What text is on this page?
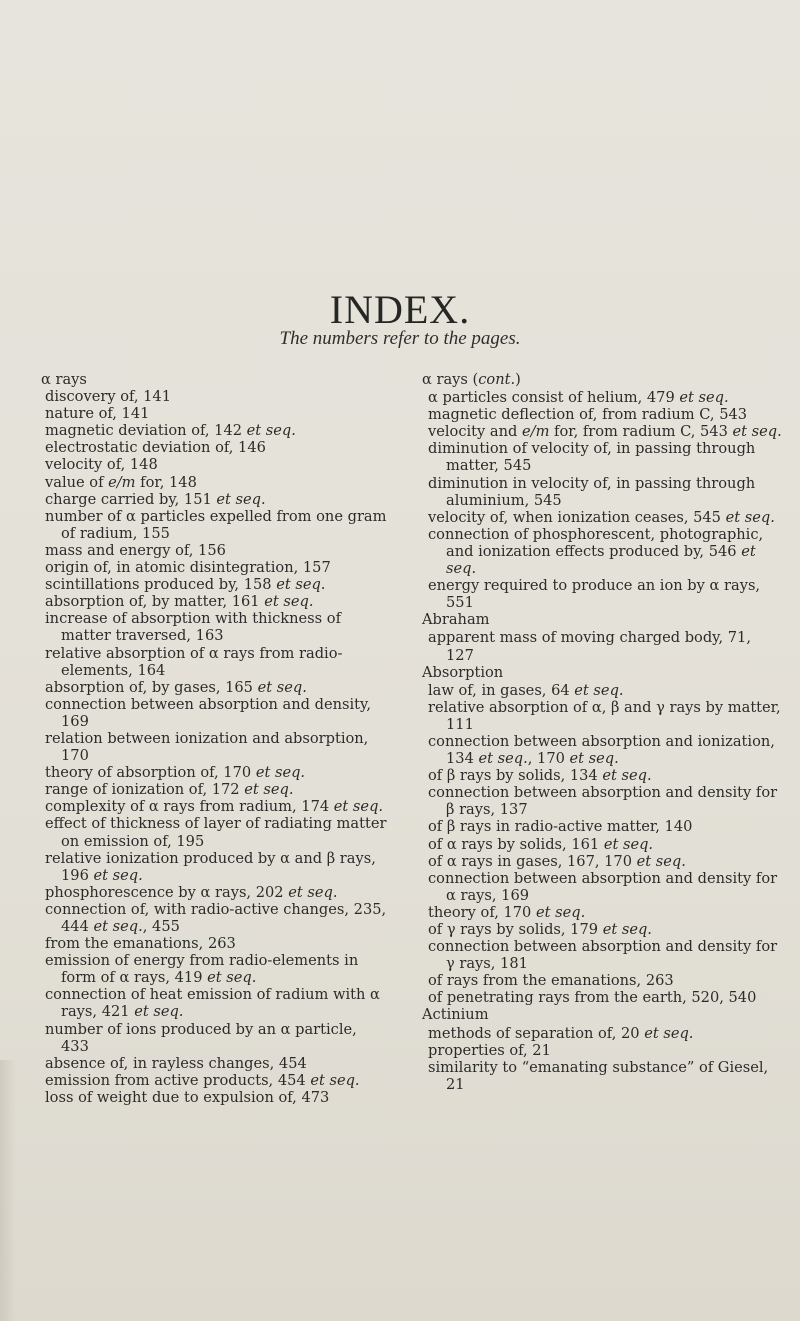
INDEX.
The numbers refer to the pages.
α rays
discovery of, 141
nature of, 141
magnetic deviation of, 142 et seq.
electrostatic deviation of, 146
velocity of, 148
value of e/m for, 148
charge carried by, 151 et seq.
number of α particles expelled from one gram of radium, 155
mass and energy of, 156
origin of, in atomic disintegration, 157
scintillations produced by, 158 et seq.
absorption of, by matter, 161 et seq.
increase of absorption with thickness of matter traversed, 163
relative absorption of α rays from radio-elements, 164
absorption of, by gases, 165 et seq.
connection between absorption and density, 169
relation between ionization and absorption, 170
theory of absorption of, 170 et seq.
range of ionization of, 172 et seq.
complexity of α rays from radium, 174 et seq.
effect of thickness of layer of radiating matter on emission of, 195
relative ionization produced by α and β rays, 196 et seq.
phosphorescence by α rays, 202 et seq.
connection of, with radio-active changes, 235, 444 et seq., 455
from the emanations, 263
emission of energy from radio-elements in form of α rays, 419 et seq.
connection of heat emission of radium with α rays, 421 et seq.
number of ions produced by an α particle, 433
absence of, in rayless changes, 454
emission from active products, 454 et seq.
loss of weight due to expulsion of, 473
α rays (cont.)
α particles consist of helium, 479 et seq.
magnetic deflection of, from radium C, 543
velocity and e/m for, from radium C, 543 et seq.
diminution of velocity of, in passing through matter, 545
diminution in velocity of, in passing through aluminium, 545
velocity of, when ionization ceases, 545 et seq.
connection of phosphorescent, photographic, and ionization effects produced by, 546 et seq.
energy required to produce an ion by α rays, 551
Abraham
apparent mass of moving charged body, 71, 127
Absorption
law of, in gases, 64 et seq.
relative absorption of α, β and γ rays by matter, 111
connection between absorption and ionization, 134 et seq., 170 et seq.
of β rays by solids, 134 et seq.
connection between absorption and density for β rays, 137
of β rays in radio-active matter, 140
of α rays by solids, 161 et seq.
of α rays in gases, 167, 170 et seq.
connection between absorption and density for α rays, 169
theory of, 170 et seq.
of γ rays by solids, 179 et seq.
connection between absorption and density for γ rays, 181
of rays from the emanations, 263
of penetrating rays from the earth, 520, 540
Actinium
methods of separation of, 20 et seq.
properties of, 21
similarity to “emanating substance” of Giesel, 21
